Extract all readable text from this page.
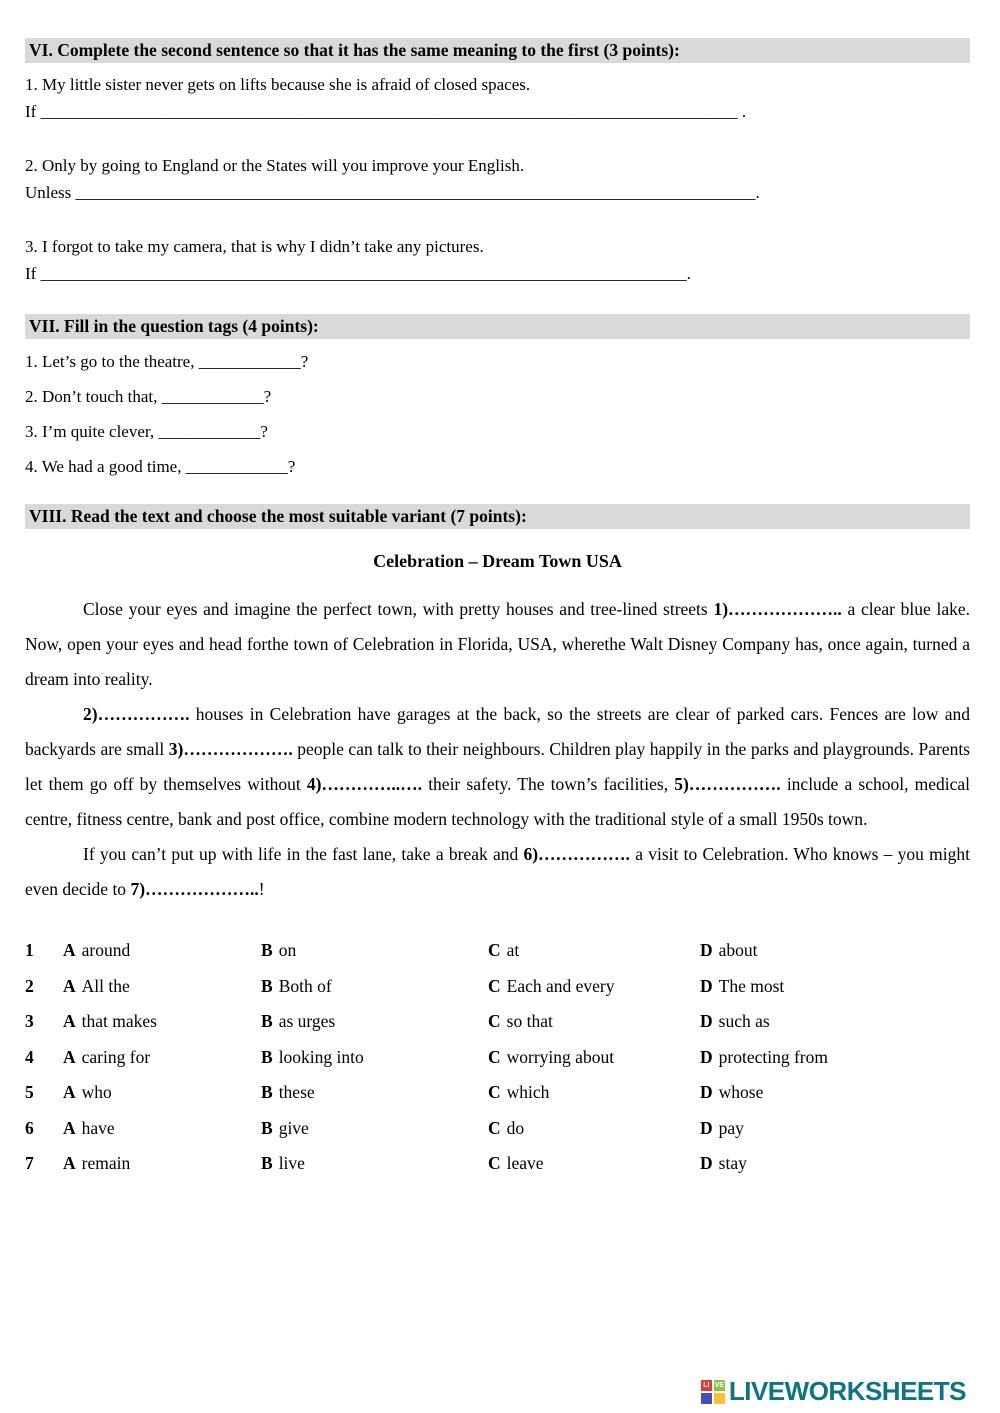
VI. Complete the second sentence so that it has the same meaning to the first (3 points):
1. My little sister never gets on lifts because she is afraid of closed spaces.
If __________________________________________________________________________________ .
2. Only by going to England or the States will you improve your English.
Unless ________________________________________________________________________________.
3. I forgot to take my camera, that is why I didn’t take any pictures.
If ____________________________________________________________________________.
VII. Fill in the question tags (4 points):
1. Let’s go to the theatre, ____________?
2. Don’t touch that, ____________?
3. I’m quite clever, ____________?
4. We had a good time, ____________?
VIII. Read the text and choose the most suitable variant (7 points):
Celebration – Dream Town USA

Close your eyes and imagine the perfect town, with pretty houses and tree-lined streets 1)……………….. a clear blue lake. Now, open your eyes and head forthe town of Celebration in Florida, USA, wherethe Walt Disney Company has, once again, turned a dream into reality.

2)……………. houses in Celebration have garages at the back, so the streets are clear of parked cars. Fences are low and backyards are small 3)………………. people can talk to their neighbours. Children play happily in the parks and playgrounds. Parents let them go off by themselves without 4)…………..…. their safety. The town’s facilities, 5)……………. include a school, medical centre, fitness centre, bank and post office, combine modern technology with the traditional style of a small 1950s town.

If you can’t put up with life in the fast lane, take a break and 6)……………. a visit to Celebration. Who knows – you might even decide to 7)………………..!

1	A around	B on	C at	D about
2	A All the	B Both of	C Each and every	D The most
3	A that makes	B as urges	C so that	D such as
4	A caring for	B looking into	C worrying about	D protecting from
5	A who	B these	C which	D whose
6	A have	B give	C do	D pay
7	A remain	B live	C leave	D stay
LI VE LIVEWORKSHEETS
